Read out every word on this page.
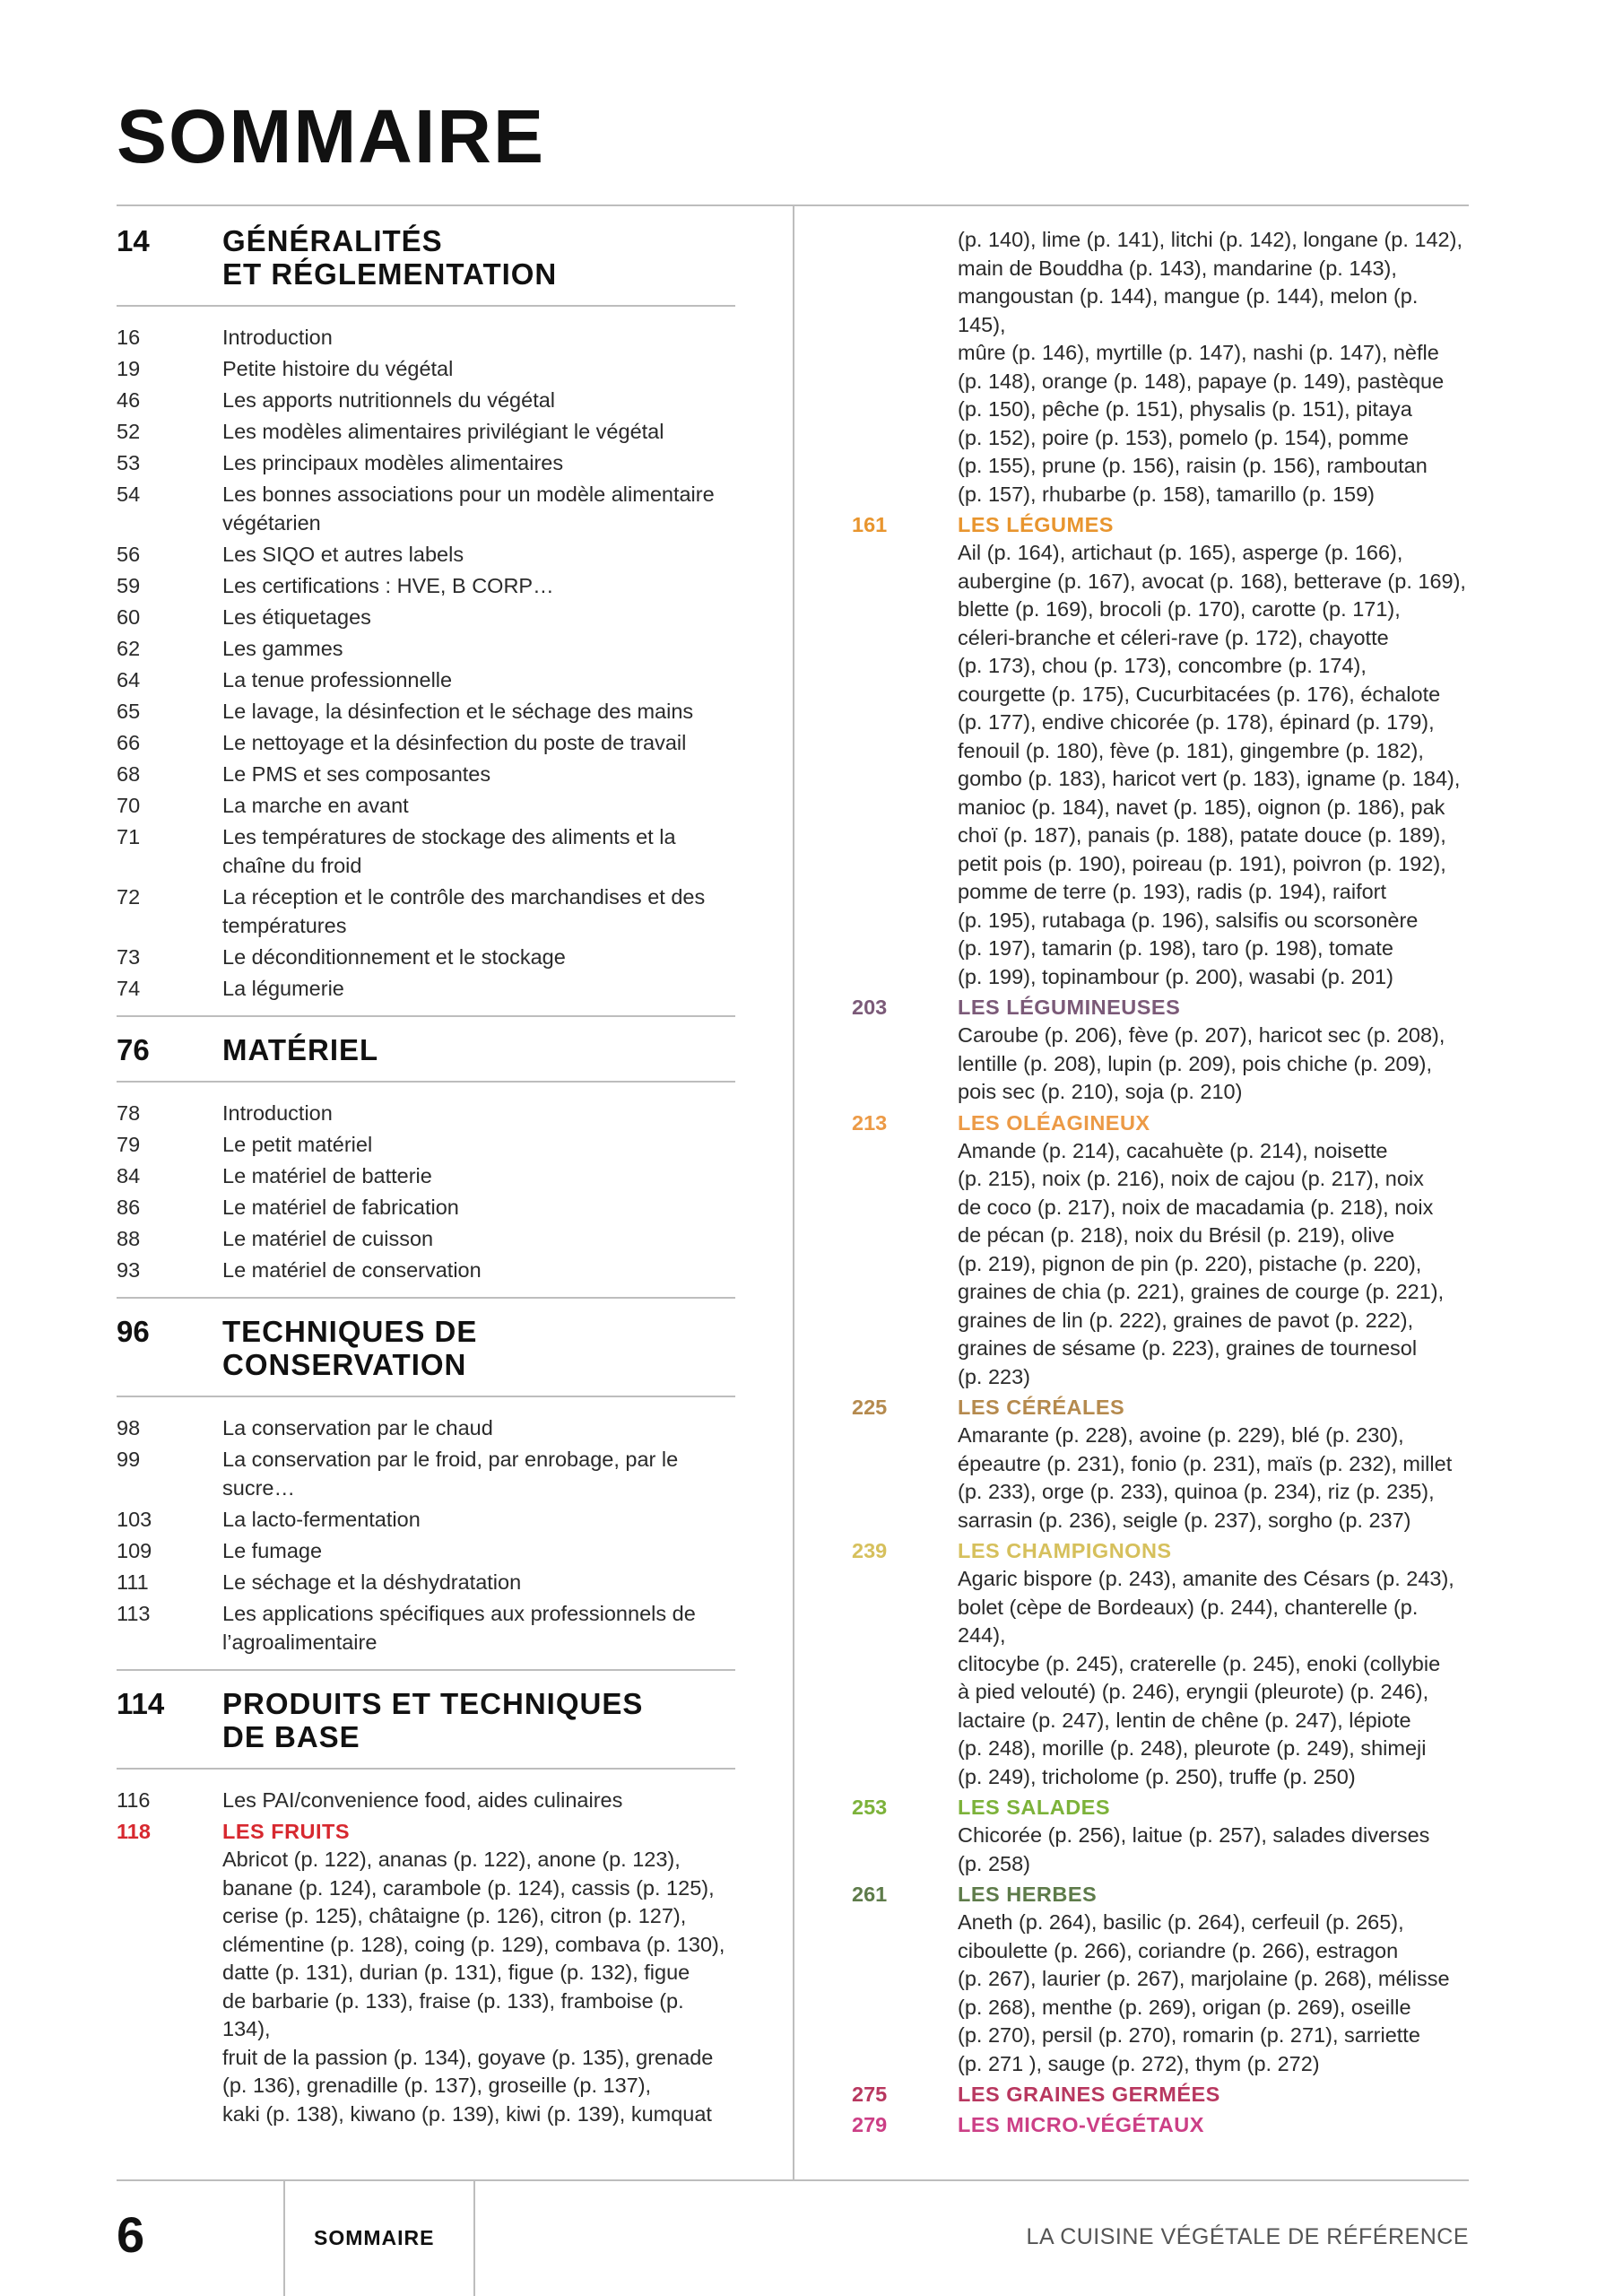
SOMMAIRE
14	GÉNÉRALITÉS
ET RÉGLEMENTATION
16	Introduction
19	Petite histoire du végétal
46	Les apports nutritionnels du végétal
52	Les modèles alimentaires privilégiant le végétal
53	Les principaux modèles alimentaires
54	Les bonnes associations pour un modèle alimentaire végétarien
56	Les SIQO et autres labels
59	Les certifications : HVE, B CORP…
60	Les étiquetages
62	Les gammes
64	La tenue professionnelle
65	Le lavage, la désinfection et le séchage des mains
66	Le nettoyage et la désinfection du poste de travail
68	Le PMS et ses composantes
70	La marche en avant
71	Les températures de stockage des aliments et la chaîne du froid
72	La réception et le contrôle des marchandises et des températures
73	Le déconditionnement et le stockage
74	La légumerie
76	MATÉRIEL
78	Introduction
79	Le petit matériel
84	Le matériel de batterie
86	Le matériel de fabrication
88	Le matériel de cuisson
93	Le matériel de conservation
96	TECHNIQUES DE
CONSERVATION
98	La conservation par le chaud
99	La conservation par le froid, par enrobage, par le sucre…
103	La lacto-fermentation
109	Le fumage
111	Le séchage et la déshydratation
113	Les applications spécifiques aux professionnels de l’agroalimentaire
114	PRODUITS ET TECHNIQUES
DE BASE
116	Les PAI/convenience food, aides culinaires
118	LES FRUITS
Abricot (p. 122), ananas (p. 122), anone (p. 123),
banane (p. 124), carambole (p. 124), cassis (p. 125),
cerise (p. 125), châtaigne (p. 126), citron (p. 127),
clémentine (p. 128), coing (p. 129), combava (p. 130),
datte (p. 131), durian (p. 131), figue (p. 132), figue
de barbarie (p. 133), fraise (p. 133), framboise (p. 134),
fruit de la passion (p. 134), goyave (p. 135), grenade
(p. 136), grenadille (p. 137), groseille (p. 137),
kaki (p. 138), kiwano (p. 139), kiwi (p. 139), kumquat
(p. 140), lime (p. 141), litchi (p. 142), longane (p. 142),
main de Bouddha (p. 143), mandarine (p. 143),
mangoustan (p. 144), mangue (p. 144), melon (p. 145),
mûre (p. 146), myrtille (p. 147), nashi (p. 147), nèfle
(p. 148), orange (p. 148), papaye (p. 149), pastèque
(p. 150), pêche (p. 151), physalis (p. 151), pitaya
(p. 152), poire (p. 153), pomelo (p. 154), pomme
(p. 155), prune (p. 156), raisin (p. 156), ramboutan
(p. 157), rhubarbe (p. 158), tamarillo (p. 159)
161	LES LÉGUMES
Ail (p. 164), artichaut (p. 165), asperge (p. 166),
aubergine (p. 167), avocat (p. 168), betterave (p. 169),
blette (p. 169), brocoli (p. 170), carotte (p. 171),
céleri-branche et céleri-rave (p. 172), chayotte
(p. 173), chou (p. 173), concombre (p. 174),
courgette (p. 175), Cucurbitacées (p. 176), échalote
(p. 177), endive chicorée (p. 178), épinard (p. 179),
fenouil (p. 180), fève (p. 181), gingembre (p. 182),
gombo (p. 183), haricot vert (p. 183), igname (p. 184),
manioc (p. 184), navet (p. 185), oignon (p. 186), pak
choï (p. 187), panais (p. 188), patate douce (p. 189),
petit pois (p. 190), poireau (p. 191), poivron (p. 192),
pomme de terre (p. 193), radis (p. 194), raifort
(p. 195), rutabaga (p. 196), salsifis ou scorsonère
(p. 197), tamarin (p. 198), taro (p. 198), tomate
(p. 199), topinambour (p. 200), wasabi (p. 201)
203	LES LÉGUMINEUSES
Caroube (p. 206), fève (p. 207), haricot sec (p. 208),
lentille (p. 208), lupin (p. 209), pois chiche (p. 209),
pois sec (p. 210), soja (p. 210)
213	LES OLÉAGINEUX
Amande (p. 214), cacahuète (p. 214), noisette
(p. 215), noix (p. 216), noix de cajou (p. 217), noix
de coco (p. 217), noix de macadamia (p. 218), noix
de pécan (p. 218), noix du Brésil (p. 219), olive
(p. 219), pignon de pin (p. 220), pistache (p. 220),
graines de chia (p. 221), graines de courge (p. 221),
graines de lin (p. 222), graines de pavot (p. 222),
graines de sésame (p. 223), graines de tournesol
(p. 223)
225	LES CÉRÉALES
Amarante (p. 228), avoine (p. 229), blé (p. 230),
épeautre (p. 231), fonio (p. 231), maïs (p. 232), millet
(p. 233), orge (p. 233), quinoa (p. 234), riz (p. 235),
sarrasin (p. 236), seigle (p. 237), sorgho (p. 237)
239	LES CHAMPIGNONS
Agaric bispore (p. 243), amanite des Césars (p. 243),
bolet (cèpe de Bordeaux) (p. 244), chanterelle (p. 244),
clitocybe (p. 245), craterelle (p. 245), enoki (collybie
à pied velouté) (p. 246), eryngii (pleurote) (p. 246),
lactaire (p. 247), lentin de chêne (p. 247), lépiote
(p. 248), morille (p. 248), pleurote (p. 249), shimeji
(p. 249), tricholome (p. 250), truffe (p. 250)
253	LES SALADES
Chicorée (p. 256), laitue (p. 257), salades diverses
(p. 258)
261	LES HERBES
Aneth (p. 264), basilic (p. 264), cerfeuil (p. 265),
ciboulette (p. 266), coriandre (p. 266), estragon
(p. 267), laurier (p. 267), marjolaine (p. 268), mélisse
(p. 268), menthe (p. 269), origan (p. 269), oseille
(p. 270), persil (p. 270), romarin (p. 271), sarriette
(p. 271 ), sauge (p. 272), thym (p. 272)
275	LES GRAINES GERMÉES
279	LES MICRO-VÉGÉTAUX
6	SOMMAIRE	LA CUISINE VÉGÉTALE DE RÉFÉRENCE
